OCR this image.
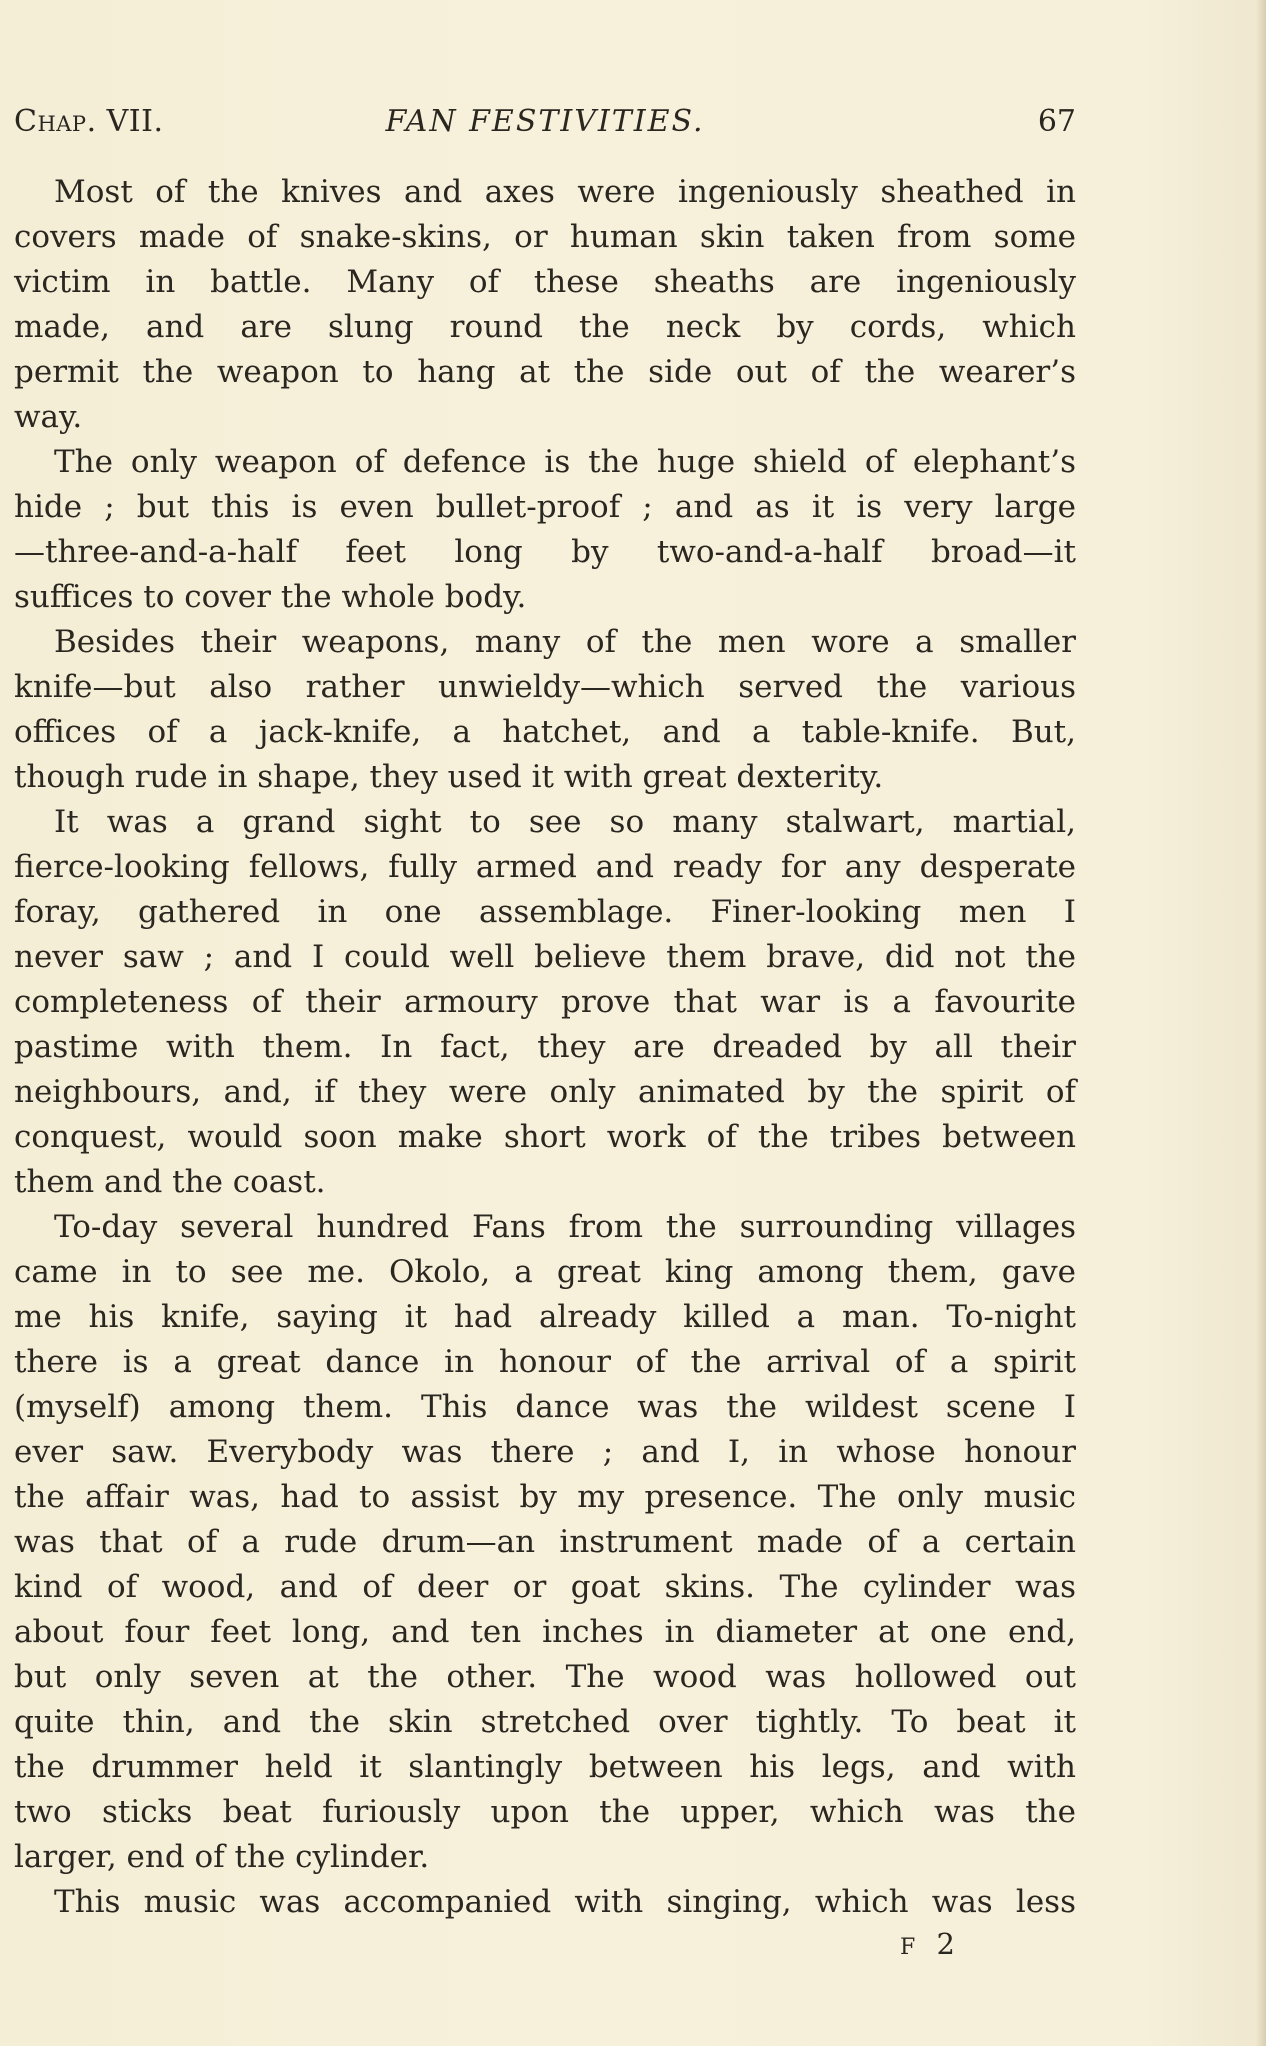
Chap. VII.	FAN FESTIVITIES.	67
Most of the knives and axes were ingeniously sheathed in
covers made of snake-skins, or human skin taken from some
victim in battle. Many of these sheaths are ingeniously
made, and are slung round the neck by cords, which
permit the weapon to hang at the side out of the wearer’s
way.
The only weapon of defence is the huge shield of elephant’s
hide ; but this is even bullet-proof ; and as it is very large
—three-and-a-half feet long by two-and-a-half broad—it
suffices to cover the whole body.
Besides their weapons, many of the men wore a smaller
knife—but also rather unwieldy—which served the various
offices of a jack-knife, a hatchet, and a table-knife. But,
though rude in shape, they used it with great dexterity.
It was a grand sight to see so many stalwart, martial,
fierce-looking fellows, fully armed and ready for any desperate
foray, gathered in one assemblage. Finer-looking men I
never saw ; and I could well believe them brave, did not the
completeness of their armoury prove that war is a favourite
pastime with them. In fact, they are dreaded by all their
neighbours, and, if they were only animated by the spirit of
conquest, would soon make short work of the tribes between
them and the coast.
To-day several hundred Fans from the surrounding villages
came in to see me. Okolo, a great king among them, gave
me his knife, saying it had already killed a man. To-night
there is a great dance in honour of the arrival of a spirit
(myself) among them. This dance was the wildest scene I
ever saw. Everybody was there ; and I, in whose honour
the affair was, had to assist by my presence. The only music
was that of a rude drum—an instrument made of a certain
kind of wood, and of deer or goat skins. The cylinder was
about four feet long, and ten inches in diameter at one end,
but only seven at the other. The wood was hollowed out
quite thin, and the skin stretched over tightly. To beat it
the drummer held it slantingly between his legs, and with
two sticks beat furiously upon the upper, which was the
larger, end of the cylinder.
This music was accompanied with singing, which was less
F 2
